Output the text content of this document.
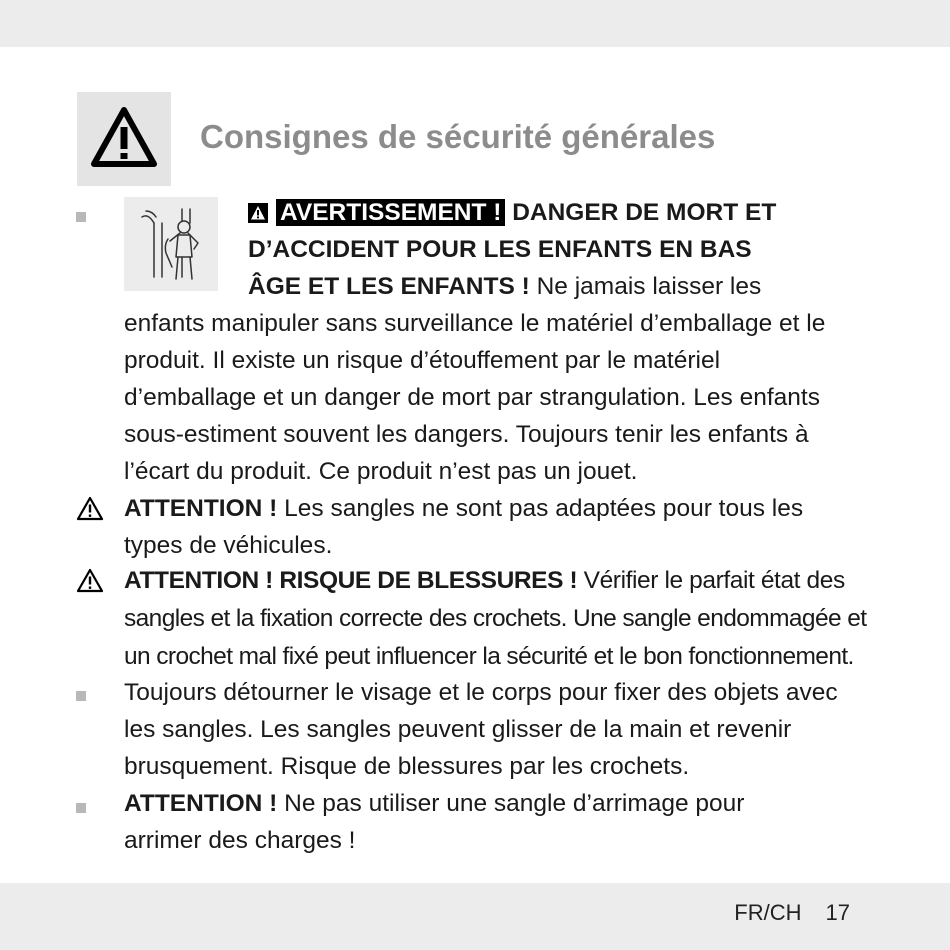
Consignes de sécurité générales
AVERTISSEMENT ! DANGER DE MORT ET
D’ACCIDENT POUR LES ENFANTS EN BAS
ÂGE ET LES ENFANTS ! Ne jamais laisser les
enfants manipuler sans surveillance le matériel d’emballage et le
produit. Il existe un risque d’étouffement par le matériel
d’emballage et un danger de mort par strangulation. Les enfants
sous-estiment souvent les dangers. Toujours tenir les enfants à
l’écart du produit. Ce produit n’est pas un jouet.
ATTENTION ! Les sangles ne sont pas adaptées pour tous les
types de véhicules.
ATTENTION ! RISQUE DE BLESSURES ! Vérifier le parfait état des
sangles et la fixation correcte des crochets. Une sangle endommagée et
un crochet mal fixé peut influencer la sécurité et le bon fonctionnement.
Toujours détourner le visage et le corps pour fixer des objets avec
les sangles. Les sangles peuvent glisser de la main et revenir
brusquement. Risque de blessures par les crochets.
ATTENTION ! Ne pas utiliser une sangle d’arrimage pour
arrimer des charges !
FR/CH 17
